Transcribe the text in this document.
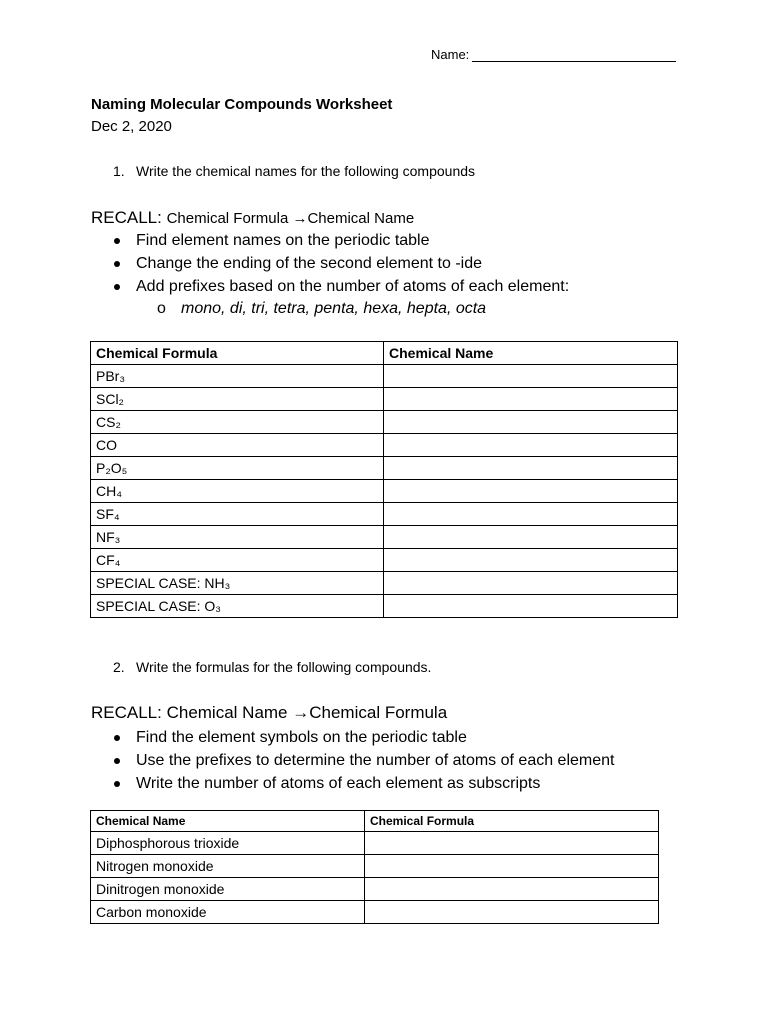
Name:
Naming Molecular Compounds Worksheet
Dec 2, 2020
1. Write the chemical names for the following compounds
RECALL: Chemical Formula →Chemical Name
Find element names on the periodic table
Change the ending of the second element to -ide
Add prefixes based on the number of atoms of each element:
o mono, di, tri, tetra, penta, hexa, hepta, octa
Chemical Formula	Chemical Name
PBr₃	
SCl₂	
CS₂	
CO	
P₂O₅	
CH₄	
SF₄	
NF₃	
CF₄	
SPECIAL CASE: NH₃	
SPECIAL CASE: O₃	
2. Write the formulas for the following compounds.
RECALL: Chemical Name →Chemical Formula
Find the element symbols on the periodic table
Use the prefixes to determine the number of atoms of each element
Write the number of atoms of each element as subscripts
Chemical Name	Chemical Formula
Diphosphorous trioxide	
Nitrogen monoxide	
Dinitrogen monoxide	
Carbon monoxide	
